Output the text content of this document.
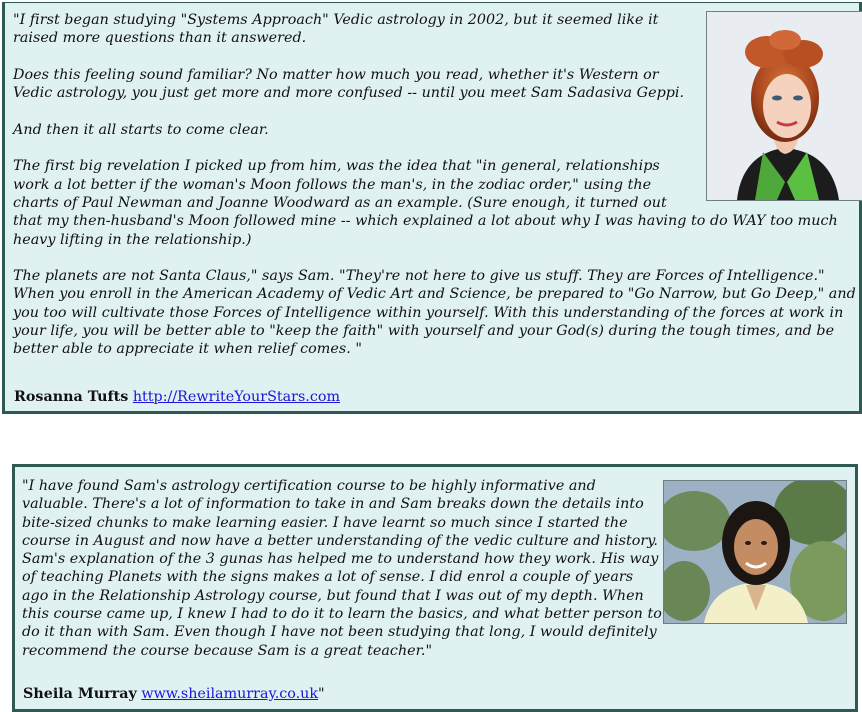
"I first began studying "Systems Approach" Vedic astrology in 2002, but it seemed like it raised more questions than it answered.

Does this feeling sound familiar? No matter how much you read, whether it's Western or Vedic astrology, you just get more and more confused -- until you meet Sam Sadasiva Geppi.

And then it all starts to come clear.

The first big revelation I picked up from him, was the idea that "in general, relationships work a lot better if the woman's Moon follows the man's, in the zodiac order," using the charts of Paul Newman and Joanne Woodward as an example. (Sure enough, it turned out that my then-husband's Moon followed mine -- which explained a lot about why I was having to do WAY too much heavy lifting in the relationship.)

The planets are not Santa Claus," says Sam. "They're not here to give us stuff. They are Forces of Intelligence." When you enroll in the American Academy of Vedic Art and Science, be prepared to "Go Narrow, but Go Deep," and you too will cultivate those Forces of Intelligence within yourself. With this understanding of the forces at work in your life, you will be better able to "keep the faith" with yourself and your God(s) during the tough times, and be better able to appreciate it when relief comes. "

Rosanna Tufts http://RewriteYourStars.com

"I have found Sam's astrology certification course to be highly informative and valuable. There's a lot of information to take in and Sam breaks down the details into bite-sized chunks to make learning easier. I have learnt so much since I started the course in August and now have a better understanding of the vedic culture and history. Sam's explanation of the 3 gunas has helped me to understand how they work. His way of teaching Planets with the signs makes a lot of sense. I did enrol a couple of years ago in the Relationship Astrology course, but found that I was out of my depth. When this course came up, I knew I had to do it to learn the basics, and what better person to do it than with Sam. Even though I have not been studying that long, I would definitely recommend the course because Sam is a great teacher."

Sheila Murray www.sheilamurray.co.uk"
